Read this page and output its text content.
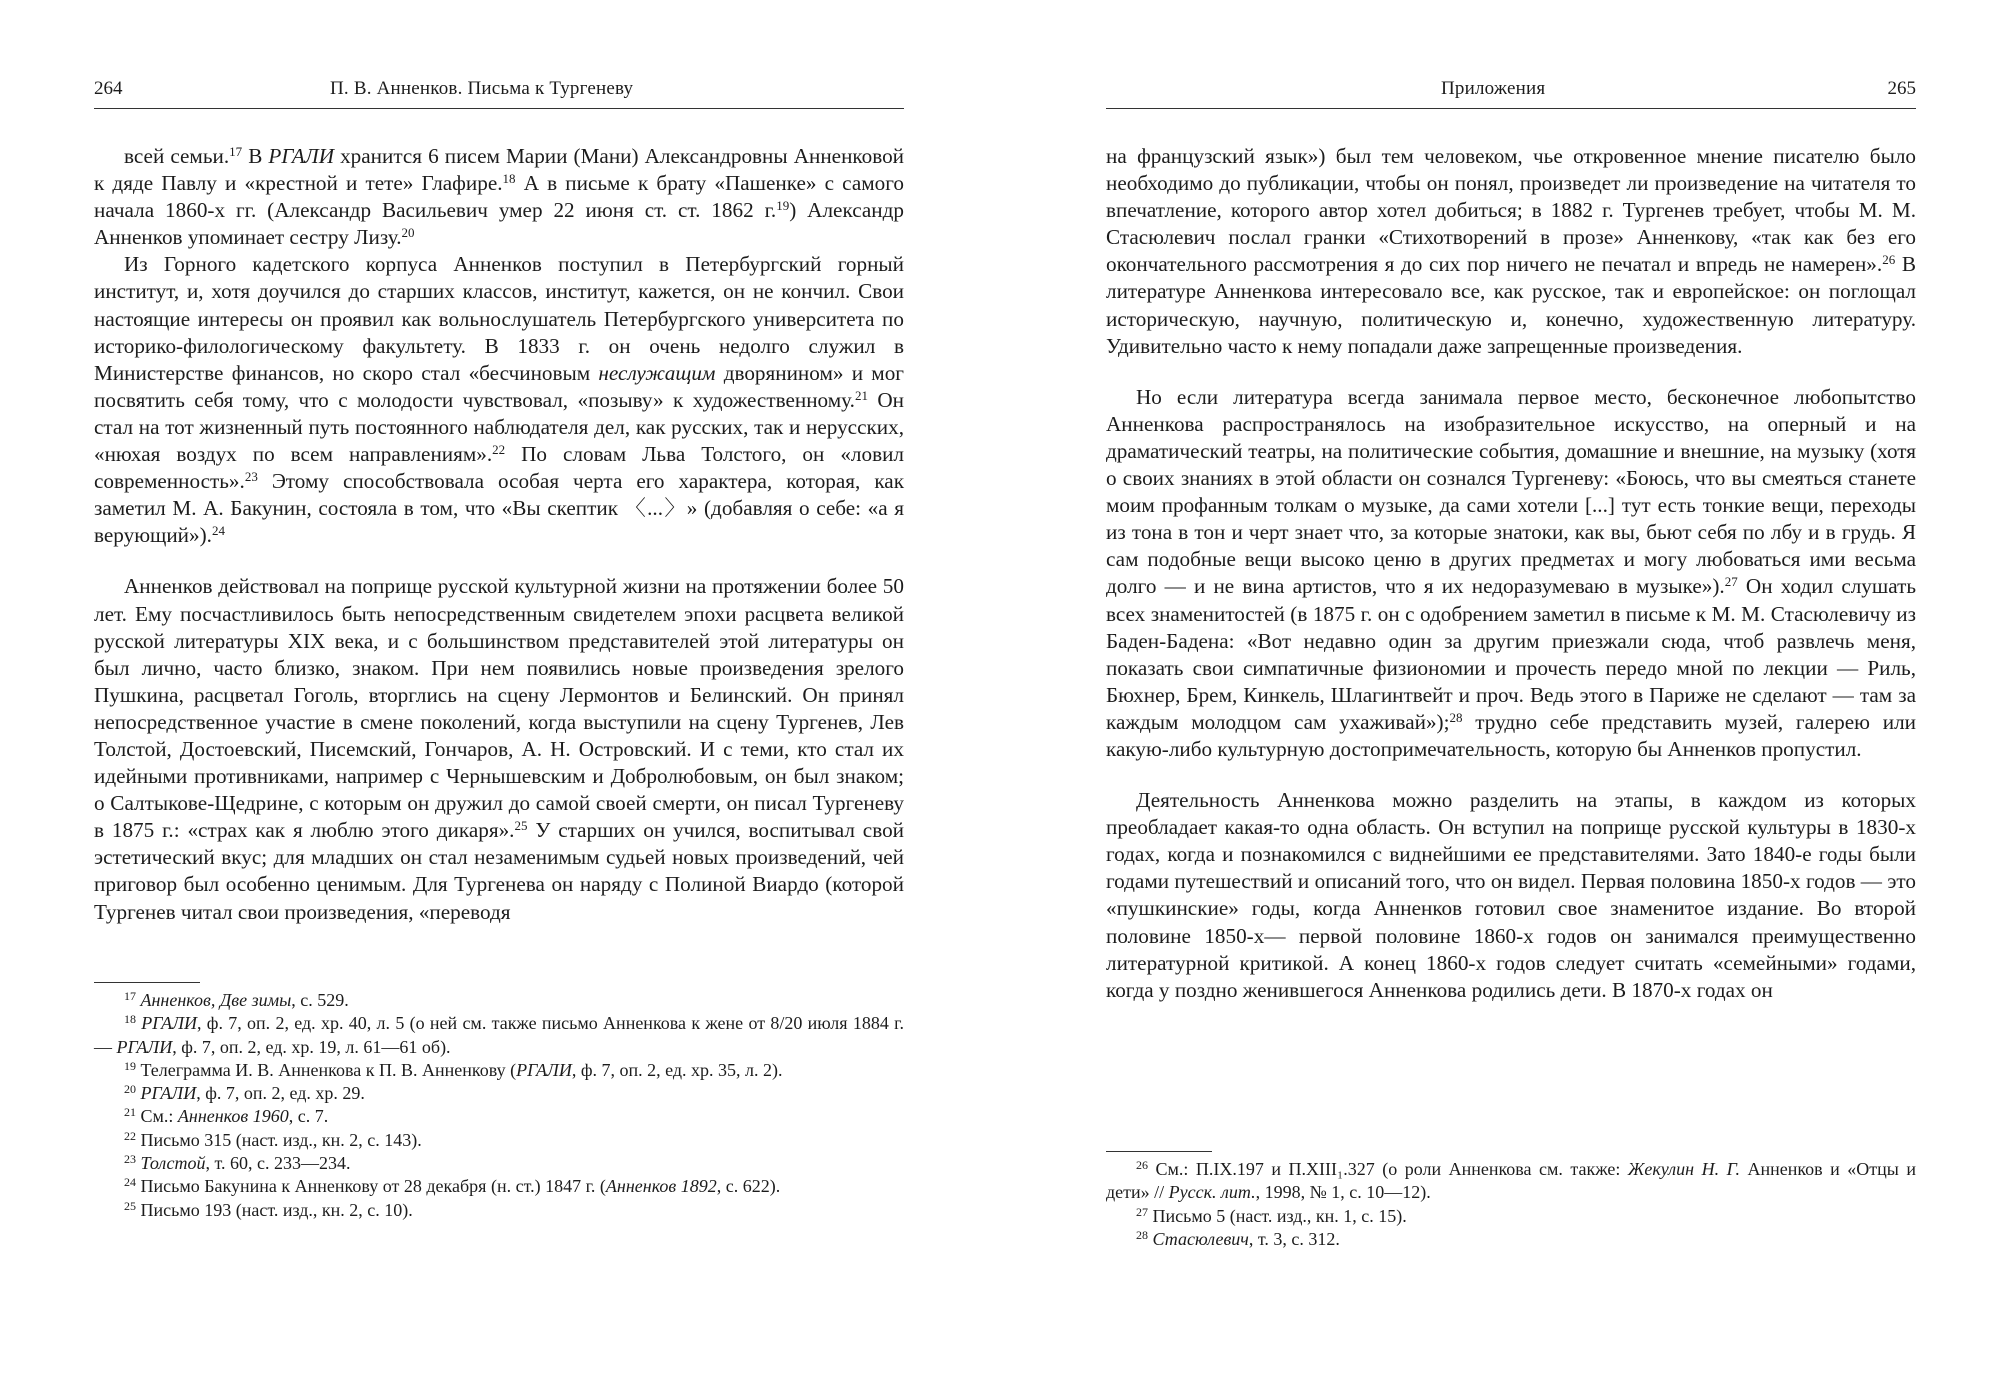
264	П. В. Анненков. Письма к Тургеневу

всей семьи.$^{17}$ В РГАЛИ хранится 6 писем Марии (Мани) Александровны Анненковой к дяде Павлу и «крестной и тете» Глафире.$^{18}$ А в письме к брату «Пашенке» с самого начала 1860-х гг. (Александр Васильевич умер 22 июня ст. ст. 1862 г.$^{19}$) Александр Анненков упоминает сестру Лизу.$^{20}$

Из Горного кадетского корпуса Анненков поступил в Петербургский горный институт, и, хотя доучился до старших классов, институт, кажется, он не кончил. Свои настоящие интересы он проявил как вольнослушатель Петербургского университета по историко-филологическому факультету. В 1833 г. он очень недолго служил в Министерстве финансов, но скоро стал «бесчиновым неслужащим дворянином» и мог посвятить себя тому, что с молодости чувствовал, «позыву» к художественному.$^{21}$ Он стал на тот жизненный путь постоянного наблюдателя дел, как русских, так и нерусских, «нюхая воздух по всем направлениям».$^{22}$ По словам Льва Толстого, он «ловил современность».$^{23}$ Этому способствовала особая черта его характера, которая, как заметил М. А. Бакунин, состояла в том, что «Вы скептик 〈...〉» (добавляя о себе: «а я верующий»).$^{24}$

Анненков действовал на поприще русской культурной жизни на протяжении более 50 лет. Ему посчастливилось быть непосредственным свидетелем эпохи расцвета великой русской литературы XIX века, и с большинством представителей этой литературы он был лично, часто близко, знаком. При нем появились новые произведения зрелого Пушкина, расцветал Гоголь, вторглись на сцену Лермонтов и Белинский. Он принял непосредственное участие в смене поколений, когда выступили на сцену Тургенев, Лев Толстой, Достоевский, Писемский, Гончаров, А. Н. Островский. И с теми, кто стал их идейными противниками, например с Чернышевским и Добролюбовым, он был знаком; о Салтыкове-Щедрине, с которым он дружил до самой своей смерти, он писал Тургеневу в 1875 г.: «страх как я люблю этого дикаря».$^{25}$ У старших он учился, воспитывал свой эстетический вкус; для младших он стал незаменимым судьей новых произведений, чей приговор был особенно ценимым. Для Тургенева он наряду с Полиной Виардо (которой Тургенев читал свои произведения, «переводя

$^{17}$ Анненков, Две зимы, с. 529.

$^{18}$ РГАЛИ, ф. 7, оп. 2, ед. хр. 40, л. 5 (о ней см. также письмо Анненкова к жене от 8/20 июля 1884 г. — РГАЛИ, ф. 7, оп. 2, ед. хр. 19, л. 61—61 об).

$^{19}$ Телеграмма И. В. Анненкова к П. В. Анненкову (РГАЛИ, ф. 7, оп. 2, ед. хр. 35, л. 2).

$^{20}$ РГАЛИ, ф. 7, оп. 2, ед. хр. 29.

$^{21}$ См.: Анненков 1960, с. 7.

$^{22}$ Письмо 315 (наст. изд., кн. 2, с. 143).

$^{23}$ Толстой, т. 60, с. 233—234.

$^{24}$ Письмо Бакунина к Анненкову от 28 декабря (н. ст.) 1847 г. (Анненков 1892, с. 622).

$^{25}$ Письмо 193 (наст. изд., кн. 2, с. 10).

Приложения	265

на французский язык») был тем человеком, чье откровенное мнение писателю было необходимо до публикации, чтобы он понял, произведет ли произведение на читателя то впечатление, которого автор хотел добиться; в 1882 г. Тургенев требует, чтобы М. М. Стасюлевич послал гранки «Стихотворений в прозе» Анненкову, «так как без его окончательного рассмотрения я до сих пор ничего не печатал и впредь не намерен».$^{26}$ В литературе Анненкова интересовало все, как русское, так и европейское: он поглощал историческую, научную, политическую и, конечно, художественную литературу. Удивительно часто к нему попадали даже запрещенные произведения.

Но если литература всегда занимала первое место, бесконечное любопытство Анненкова распространялось на изобразительное искусство, на оперный и на драматический театры, на политические события, домашние и внешние, на музыку (хотя о своих знаниях в этой области он сознался Тургеневу: «Боюсь, что вы смеяться станете моим профанным толкам о музыке, да сами хотели [...] тут есть тонкие вещи, переходы из тона в тон и черт знает что, за которые знатоки, как вы, бьют себя по лбу и в грудь. Я сам подобные вещи высоко ценю в других предметах и могу любоваться ими весьма долго — и не вина артистов, что я их недоразумеваю в музыке»).$^{27}$ Он ходил слушать всех знаменитостей (в 1875 г. он с одобрением заметил в письме к М. М. Стасюлевичу из Баден-Бадена: «Вот недавно один за другим приезжали сюда, чтоб развлечь меня, показать свои симпатичные физиономии и прочесть передо мной по лекции — Риль, Бюхнер, Брем, Кинкель, Шлагинтвейт и проч. Ведь этого в Париже не сделают — там за каждым молодцом сам ухаживай»);$^{28}$ трудно себе представить музей, галерею или какую-либо культурную достопримечательность, которую бы Анненков пропустил.

Деятельность Анненкова можно разделить на этапы, в каждом из которых преобладает какая-то одна область. Он вступил на поприще русской культуры в 1830-х годах, когда и познакомился с виднейшими ее представителями. Зато 1840-е годы были годами путешествий и описаний того, что он видел. Первая половина 1850-х годов — это «пушкинские» годы, когда Анненков готовил свое знаменитое издание. Во второй половине 1850-х— первой половине 1860-х годов он занимался преимущественно литературной критикой. А конец 1860-х годов следует считать «семейными» годами, когда у поздно женившегося Анненкова родились дети. В 1870-х годах он

$^{26}$ См.: П.IX.197 и П.XIII₁.327 (о роли Анненкова см. также: Жекулин Н. Г. Анненков и «Отцы и дети» // Русск. лит., 1998, № 1, с. 10—12).

$^{27}$ Письмо 5 (наст. изд., кн. 1, с. 15).

$^{28}$ Стасюлевич, т. 3, с. 312.
